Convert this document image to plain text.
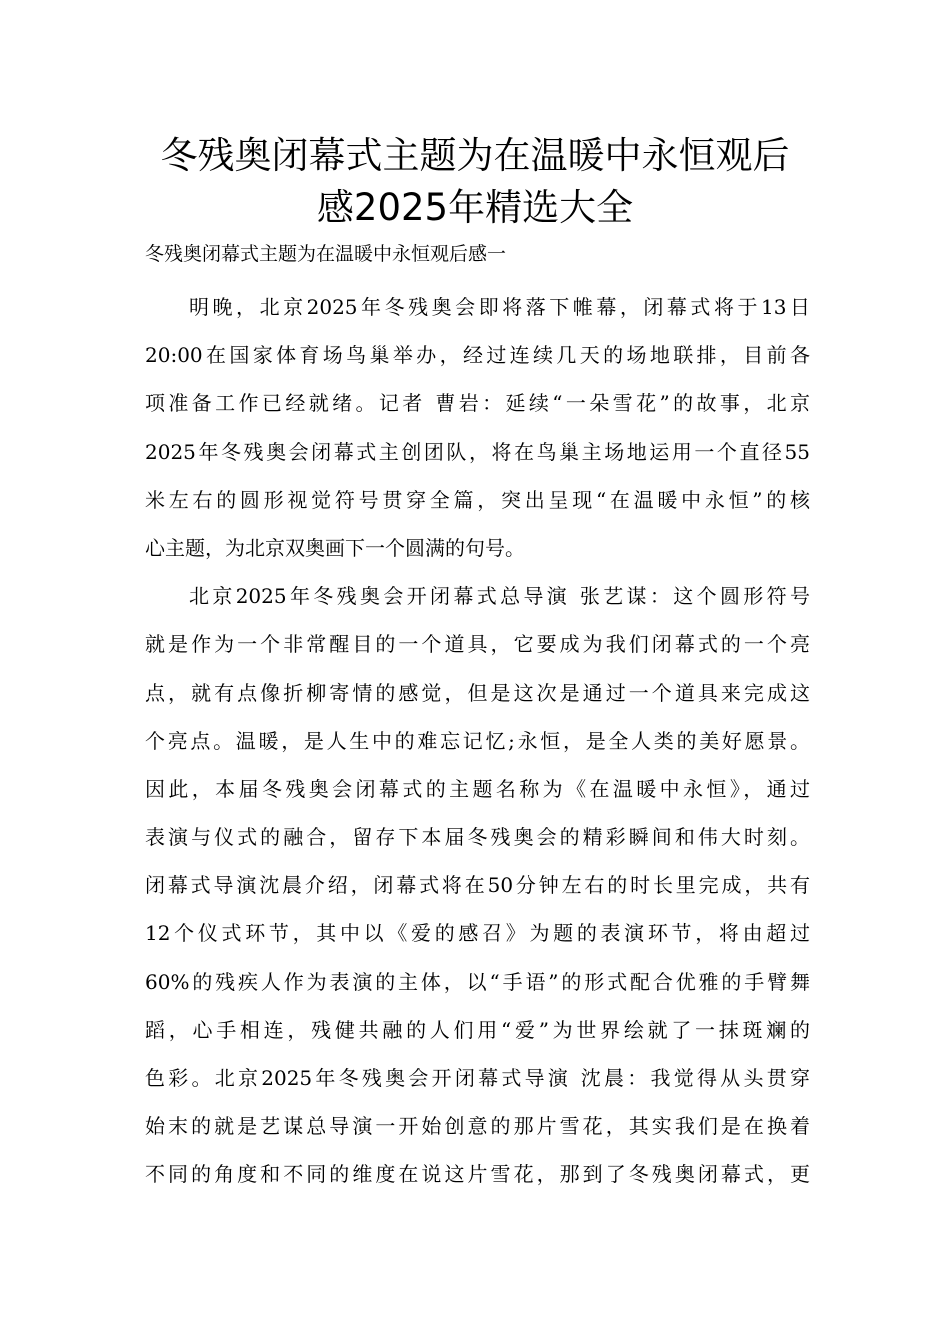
冬残奥闭幕式主题为在温暖中永恒观后
感2025年精选大全

冬残奥闭幕式主题为在温暖中永恒观后感一

明晚，北京2025年冬残奥会即将落下帷幕，闭幕式将于13日
20:00在国家体育场鸟巢举办，经过连续几天的场地联排，目前各
项准备工作已经就绪。记者 曹岩：延续“一朵雪花”的故事，北京
2025年冬残奥会闭幕式主创团队，将在鸟巢主场地运用一个直径55
米左右的圆形视觉符号贯穿全篇，突出呈现“在温暖中永恒”的核
心主题，为北京双奥画下一个圆满的句号。

北京2025年冬残奥会开闭幕式总导演 张艺谋：这个圆形符号
就是作为一个非常醒目的一个道具，它要成为我们闭幕式的一个亮
点，就有点像折柳寄情的感觉，但是这次是通过一个道具来完成这
个亮点。温暖，是人生中的难忘记忆;永恒，是全人类的美好愿景。
因此，本届冬残奥会闭幕式的主题名称为《在温暖中永恒》，通过
表演与仪式的融合，留存下本届冬残奥会的精彩瞬间和伟大时刻。
闭幕式导演沈晨介绍，闭幕式将在50分钟左右的时长里完成，共有
12个仪式环节，其中以《爱的感召》为题的表演环节，将由超过
60%的残疾人作为表演的主体，以“手语”的形式配合优雅的手臂舞
蹈，心手相连，残健共融的人们用“爱”为世界绘就了一抹斑斓的
色彩。北京2025年冬残奥会开闭幕式导演 沈晨：我觉得从头贯穿
始末的就是艺谋总导演一开始创意的那片雪花，其实我们是在换着
不同的角度和不同的维度在说这片雪花，那到了冬残奥闭幕式，更
